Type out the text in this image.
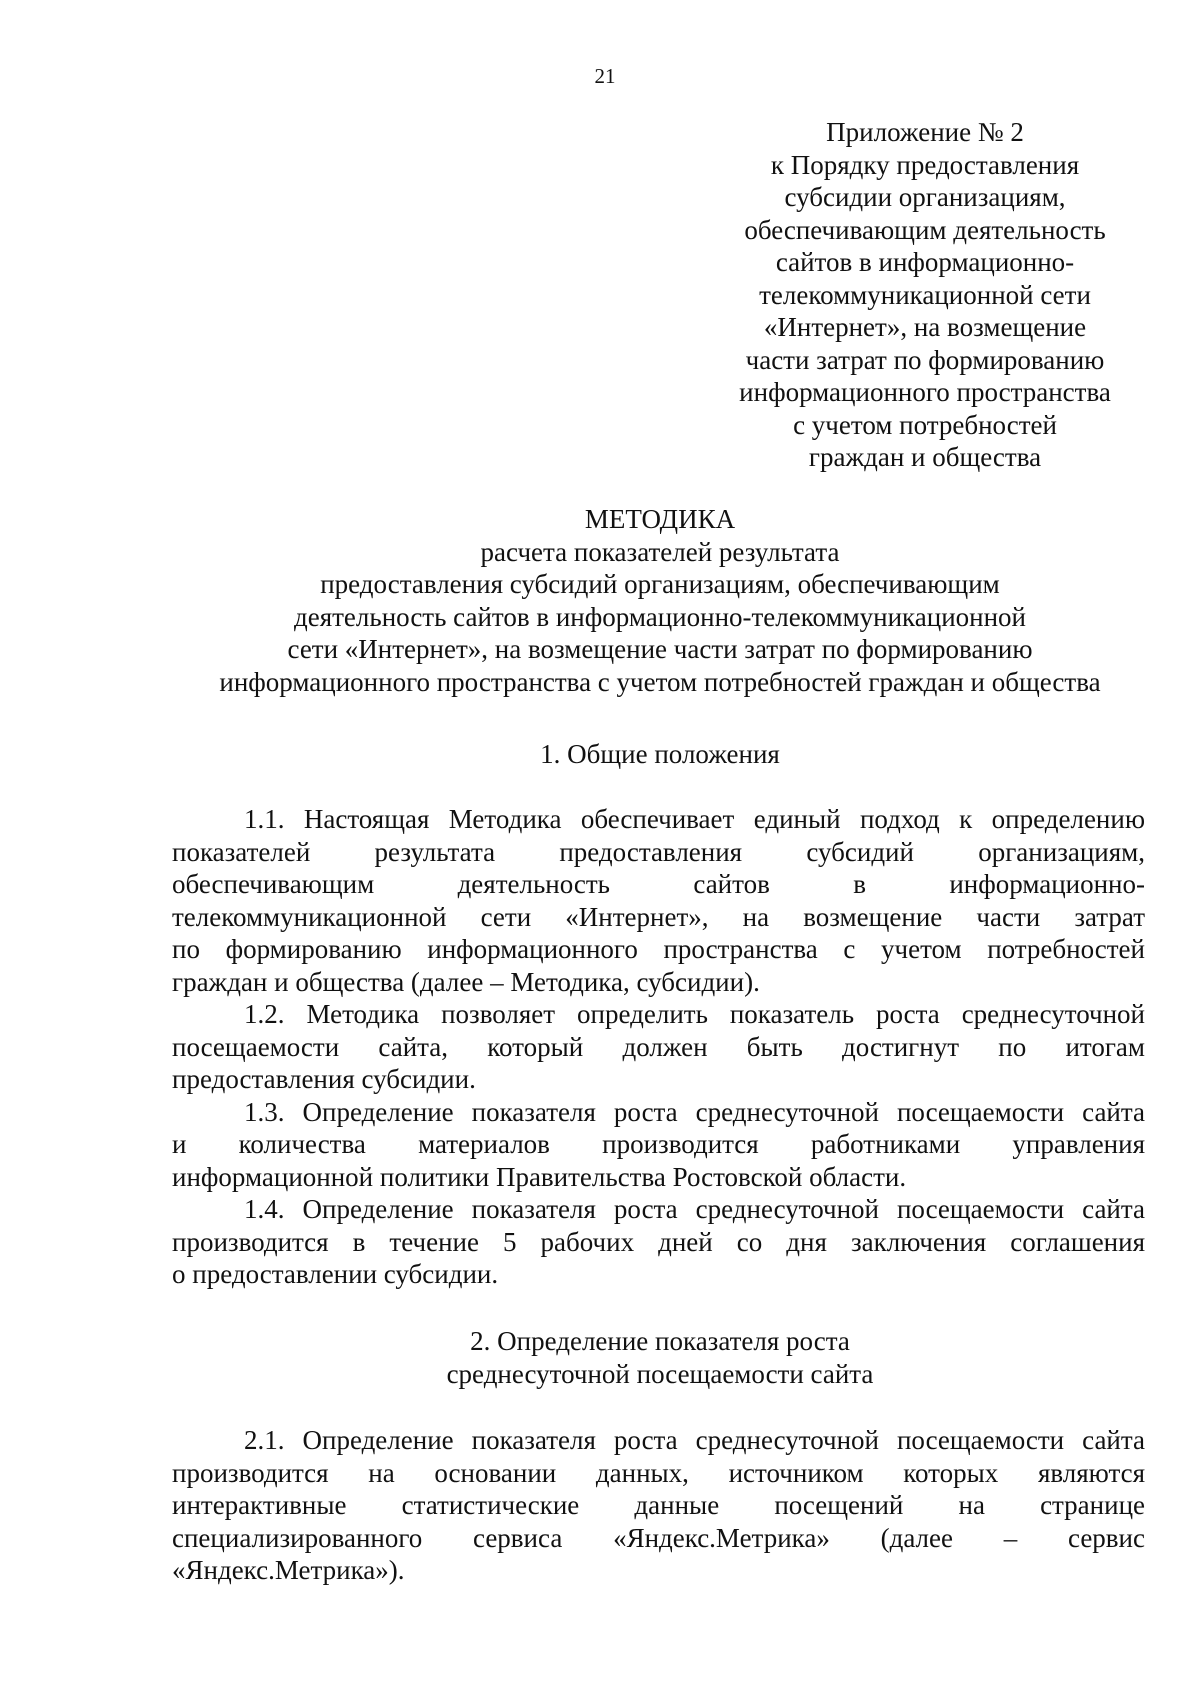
21
Приложение № 2
к Порядку предоставления
субсидии организациям,
обеспечивающим деятельность
сайтов в информационно-
телекоммуникационной сети
«Интернет», на возмещение
части затрат по формированию
информационного пространства
с учетом потребностей
граждан и общества
МЕТОДИКА
расчета показателей результата
предоставления субсидий организациям, обеспечивающим
деятельность сайтов в информационно-телекоммуникационной
сети «Интернет», на возмещение части затрат по формированию
информационного пространства с учетом потребностей граждан и общества
1. Общие положения
1.1. Настоящая Методика обеспечивает единый подход к определению
показателей результата предоставления субсидий организациям,
обеспечивающим деятельность сайтов в информационно-
телекоммуникационной сети «Интернет», на возмещение части затрат
по формированию информационного пространства с учетом потребностей
граждан и общества (далее – Методика, субсидии).
1.2. Методика позволяет определить показатель роста среднесуточной
посещаемости сайта, который должен быть достигнут по итогам
предоставления субсидии.
1.3. Определение показателя роста среднесуточной посещаемости сайта
и количества материалов производится работниками управления
информационной политики Правительства Ростовской области.
1.4. Определение показателя роста среднесуточной посещаемости сайта
производится в течение 5 рабочих дней со дня заключения соглашения
о предоставлении субсидии.
2. Определение показателя роста
среднесуточной посещаемости сайта
2.1. Определение показателя роста среднесуточной посещаемости сайта
производится на основании данных, источником которых являются
интерактивные статистические данные посещений на странице
специализированного сервиса «Яндекс.Метрика» (далее – сервис
«Яндекс.Метрика»).
